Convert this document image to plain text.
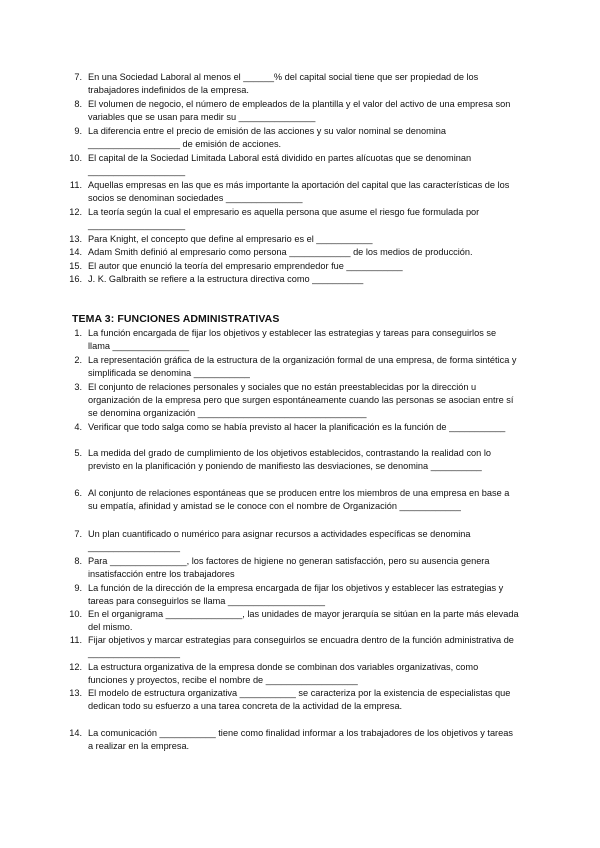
7. En una Sociedad Laboral al menos el ______% del capital social tiene que ser propiedad de los trabajadores indefinidos de la empresa.
8. El volumen de negocio, el número de empleados de la plantilla y el valor del activo de una empresa son variables que se usan para medir su _______________
9. La diferencia entre el precio de emisión de las acciones y su valor nominal se denomina __________________ de emisión de acciones.
10. El capital de la Sociedad Limitada Laboral está dividido en partes alícuotas que se denominan ___________________
11. Aquellas empresas en las que es más importante la aportación del capital que las características de los socios se denominan sociedades _______________
12. La teoría según la cual el empresario es aquella persona que asume el riesgo fue formulada por ___________________
13. Para Knight, el concepto que define al empresario es el ___________
14. Adam Smith definió al empresario como persona ____________ de los medios de producción.
15. El autor que enunció la teoría del empresario emprendedor fue ___________
16. J. K. Galbraith se refiere a la estructura directiva como __________
TEMA 3: FUNCIONES ADMINISTRATIVAS
1. La función encargada de fijar los objetivos y establecer las estrategias y tareas para conseguirlos se llama _______________
2. La representación gráfica de la estructura de la organización formal de una empresa, de forma sintética y simplificada se denomina ___________
3. El conjunto de relaciones personales y sociales que no están preestablecidas por la dirección u organización de la empresa pero que surgen espontáneamente cuando las personas se asocian entre sí se denomina organización _________________________________
4. Verificar que todo salga como se había previsto al hacer la planificación es la función de ___________
5. La medida del grado de cumplimiento de los objetivos establecidos, contrastando la realidad con lo previsto en la planificación y poniendo de manifiesto las desviaciones, se denomina __________
6. Al conjunto de relaciones espontáneas que se producen entre los miembros de una empresa en base a su empatía, afinidad y amistad se le conoce con el nombre de Organización ____________
7. Un plan cuantificado o numérico para asignar recursos a actividades específicas se denomina __________________
8. Para _______________, los factores de higiene no generan satisfacción, pero su ausencia genera insatisfacción entre los trabajadores
9. La función de la dirección de la empresa encargada de fijar los objetivos y establecer las estrategias y tareas para conseguirlos se llama ___________________
10. En el organigrama _______________, las unidades de mayor jerarquía se sitúan en la parte más elevada del mismo.
11. Fijar objetivos y marcar estrategias para conseguirlos se encuadra dentro de la función administrativa de __________________
12. La estructura organizativa de la empresa donde se combinan dos variables organizativas, como funciones y proyectos, recibe el nombre de __________________
13. El modelo de estructura organizativa ___________ se caracteriza por la existencia de especialistas que dedican todo su esfuerzo a una tarea concreta de la actividad de la empresa.
14. La comunicación ___________ tiene como finalidad informar a los trabajadores de los objetivos y tareas a realizar en la empresa.
